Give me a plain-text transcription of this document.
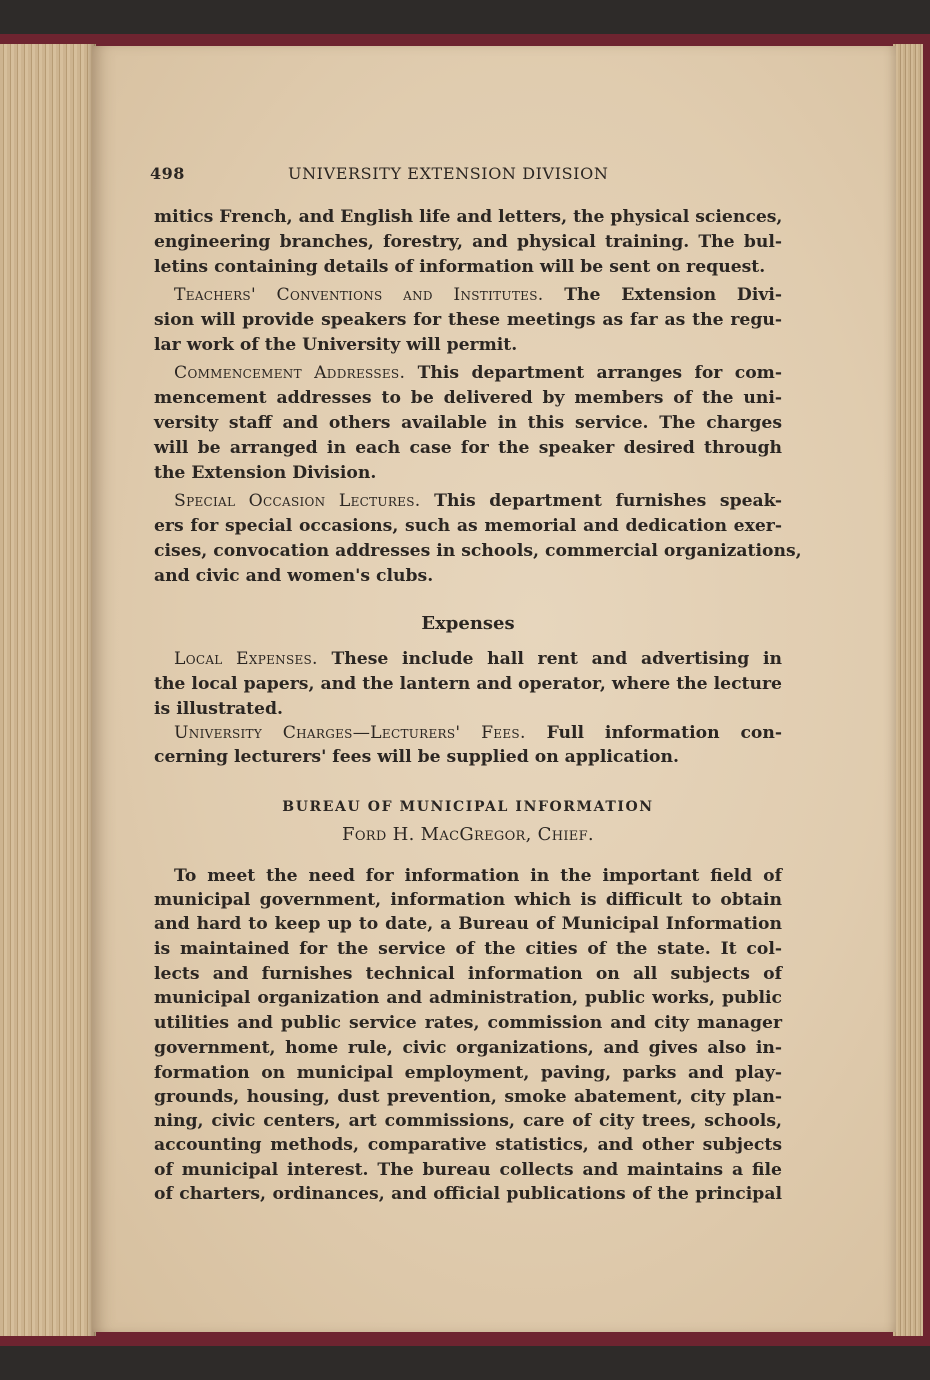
498	UNIVERSITY EXTENSION DIVISION
mitics French, and English life and letters, the physical sciences,
engineering branches, forestry, and physical training. The bul-
letins containing details of information will be sent on request.
Teachers' Conventions and Institutes. The Extension Divi-
sion will provide speakers for these meetings as far as the regu-
lar work of the University will permit.
Commencement Addresses. This department arranges for com-
mencement addresses to be delivered by members of the uni-
versity staff and others available in this service. The charges
will be arranged in each case for the speaker desired through
the Extension Division.
Special Occasion Lectures. This department furnishes speak-
ers for special occasions, such as memorial and dedication exer-
cises, convocation addresses in schools, commercial organizations,
and civic and women's clubs.
Expenses
Local Expenses. These include hall rent and advertising in
the local papers, and the lantern and operator, where the lecture
is illustrated.
University Charges—Lecturers' Fees. Full information con-
cerning lecturers' fees will be supplied on application.
BUREAU OF MUNICIPAL INFORMATION
Ford H. MacGregor, Chief.
To meet the need for information in the important field of
municipal government, information which is difficult to obtain
and hard to keep up to date, a Bureau of Municipal Information
is maintained for the service of the cities of the state. It col-
lects and furnishes technical information on all subjects of
municipal organization and administration, public works, public
utilities and public service rates, commission and city manager
government, home rule, civic organizations, and gives also in-
formation on municipal employment, paving, parks and play-
grounds, housing, dust prevention, smoke abatement, city plan-
ning, civic centers, art commissions, care of city trees, schools,
accounting methods, comparative statistics, and other subjects
of municipal interest. The bureau collects and maintains a file
of charters, ordinances, and official publications of the principal
